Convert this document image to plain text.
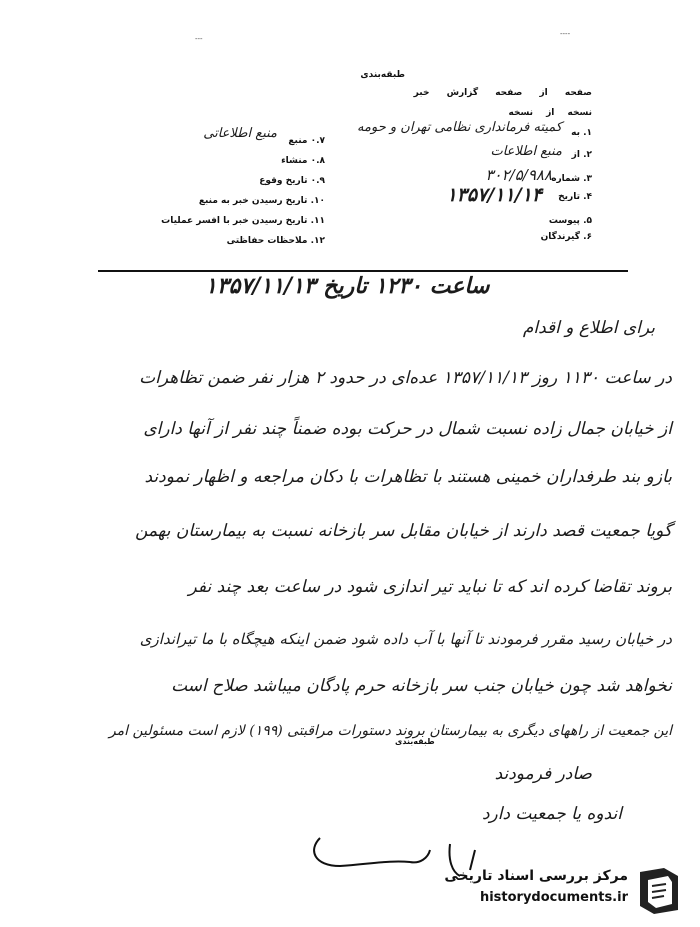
---
----
طبقه‌بندی
صفحه از صفحه گزارش خبر
نسخه از نسخه
۱. به
کمیته فرمانداری نظامی تهران و حومه
۲. از
منبع اطلاعات
۳. شماره
۳۰۲/۵/۹۸۸
۴. تاریخ
۱۳۵۷/۱۱/۱۴
۵. پیوست
۶. گیرندگان
۰.۷ منبع
منبع اطلاعاتی
۰.۸ منشاء
۰.۹ تاریخ وقوع
۱۰. تاریخ رسیدن خبر به منبع
۱۱. تاریخ رسیدن خبر با افسر عملیات
۱۲. ملاحظات حفاظتی
ساعت ۱۲۳۰ تاریخ ۱۳۵۷/۱۱/۱۳
برای اطلاع و اقدام
در ساعت ۱۱۳۰ روز ۱۳۵۷/۱۱/۱۳ عده‌ای در حدود ۲ هزار نفر ضمن تظاهرات
از خیابان جمال زاده نسبت شمال در حرکت بوده ضمناً چند نفر از آنها دارای
بازو بند طرفداران خمینی هستند با تظاهرات با دکان مراجعه و اظهار نمودند
گویا جمعیت قصد دارند از خیابان مقابل سر بازخانه نسبت به بیمارستان بهمن
بروند تقاضا کرده اند که تا نباید تیر اندازی شود در ساعت بعد چند نفر
در خیابان رسید مقرر فرمودند تا آنها با آب داده شود ضمن اینکه هیچگاه با ما تیراندازی
نخواهد شد چون خیابان جنب سر بازخانه حرم پادگان میباشد صلاح است
این جمعیت از راههای دیگری به بیمارستان بروند دستورات مراقبتی (۱۹۹) لازم است مسئولین امر
صادر فرمودند
اندوه یا جمعیت دارد
طبقه‌بندی
مرکز بررسی اسناد تاریخی
historydocuments.ir
